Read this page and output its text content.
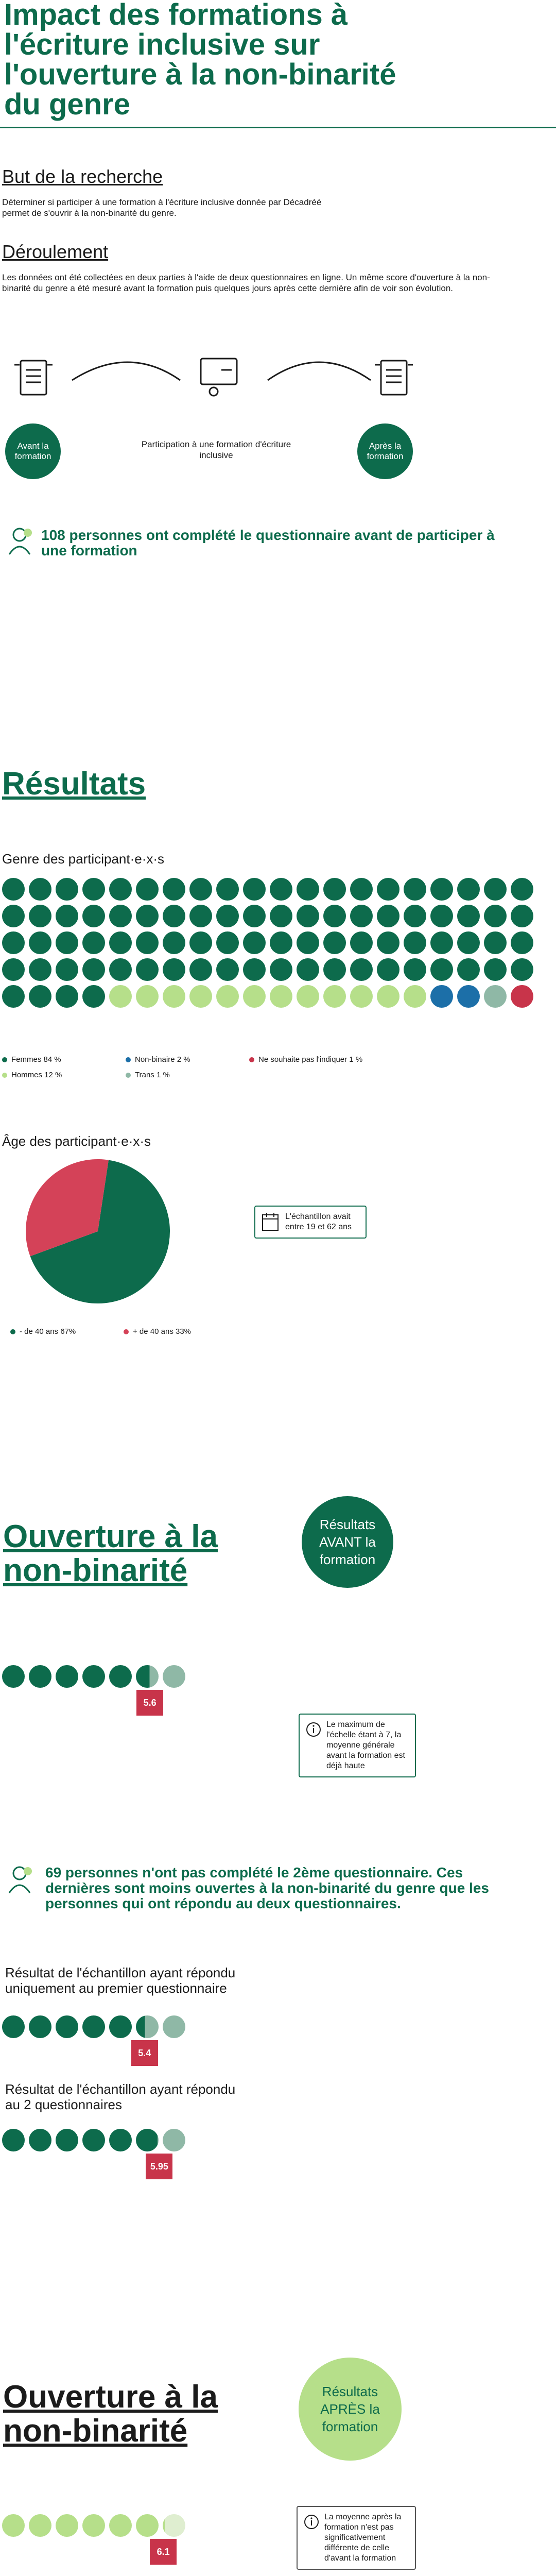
Impact des formations à
l'écriture inclusive sur
l'ouverture à la non-binarité
du genre
But de la recherche

Déterminer si participer à une formation à l'écriture inclusive donnée par Décadréé permet de s'ouvrir à la non-binarité du genre.

Déroulement

Les données ont été collectées en deux parties à l'aide de deux questionnaires en ligne. Un même score d'ouverture à la non-binarité du genre a été mesuré avant la formation puis quelques jours après cette dernière afin de voir son évolution.

Avant la formation
Participation à une formation d'écriture inclusive
Après la formation
108 personnes ont complété le questionnaire avant de participer à une formation
Résultats
Genre des participant·e·x·s
Femmes 84 %	Non-binaire 2 %	Ne souhaite pas l'indiquer 1 %
Hommes 12 %	Trans 1 %
Âge des participant·e·x·s
L'échantillon avait entre 19 et 62 ans
- de 40 ans 67%	+ de 40 ans 33%
Ouverture à la
non-binarité
Résultats AVANT la formation
5.6
Le maximum de l'échelle étant à 7, la moyenne générale avant la formation est déjà haute
69 personnes n'ont pas complété le 2ème questionnaire. Ces dernières sont moins ouvertes à la non-binarité du genre que les personnes qui ont répondu au deux questionnaires.
Résultat de l'échantillon ayant répondu uniquement au premier questionnaire
5.4
Résultat de l'échantillon ayant répondu au 2 questionnaires
5.95
Ouverture à la
non-binarité
Résultats APRÈS la formation
6.1
La moyenne après la formation n'est pas significativement différente de celle d'avant la formation
